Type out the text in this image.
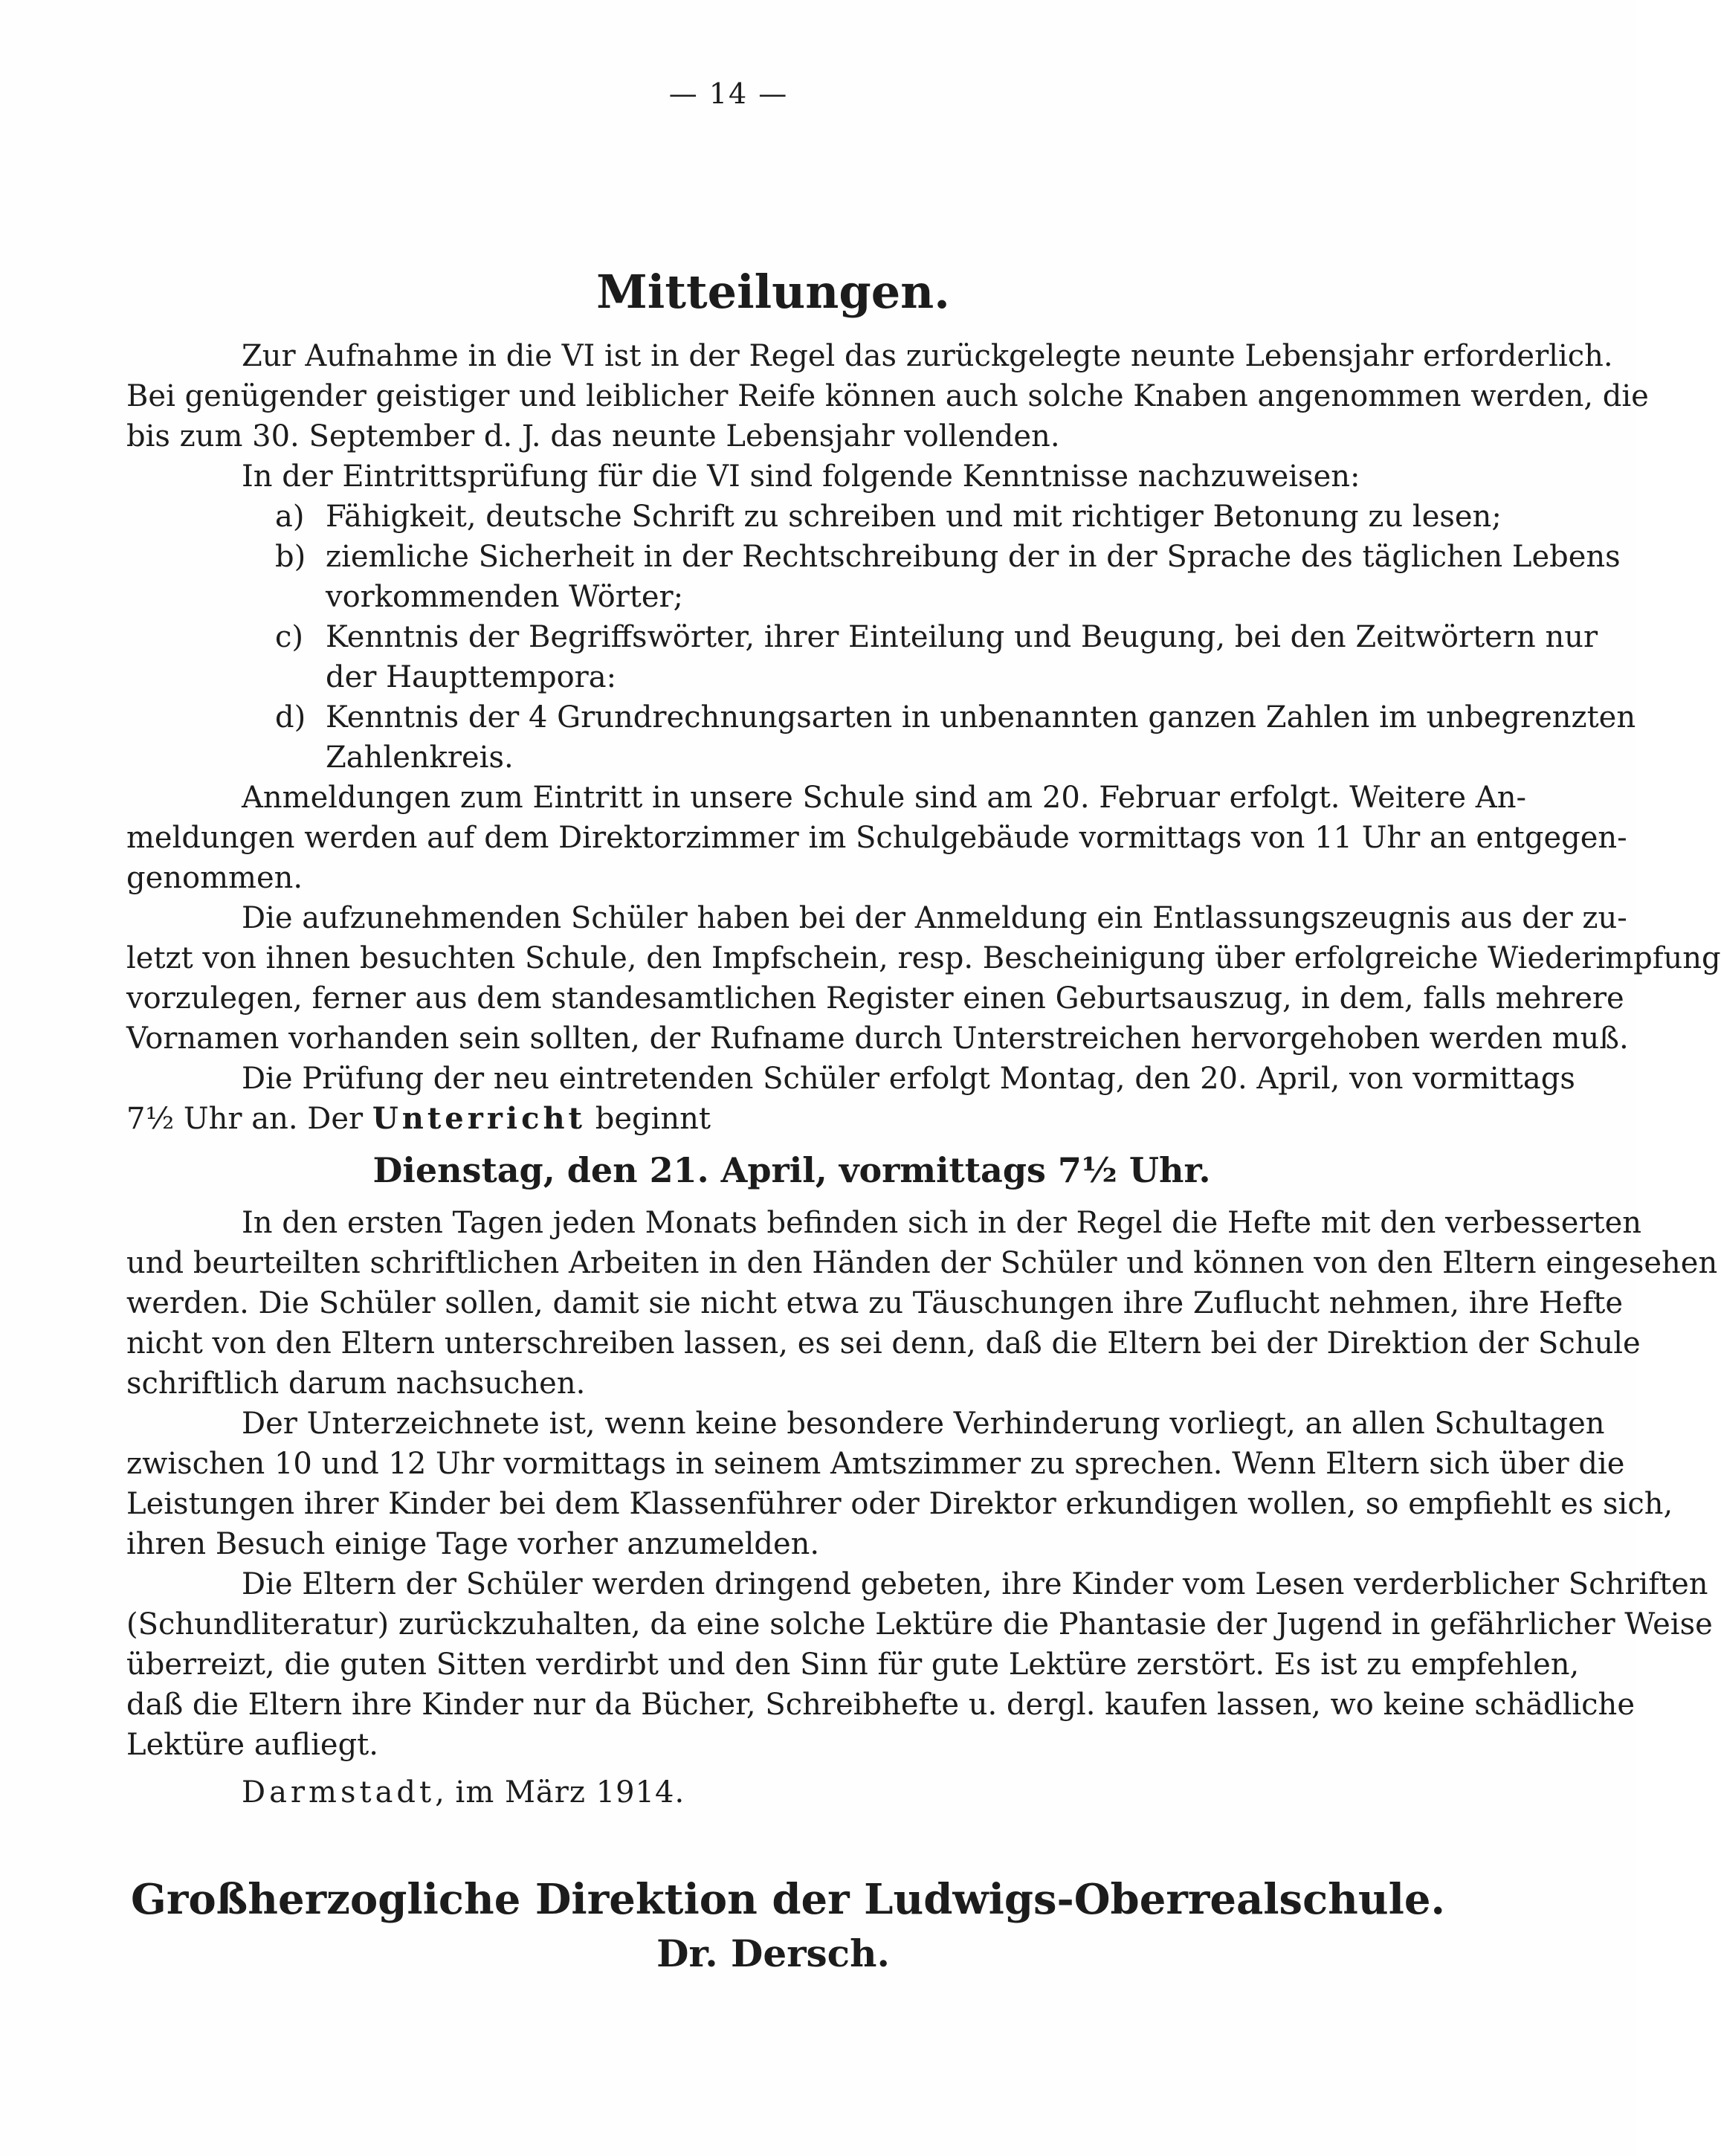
— 14 —
Mitteilungen.
Zur Aufnahme in die VI ist in der Regel das zurückgelegte neunte Lebensjahr erforderlich.
Bei genügender geistiger und leiblicher Reife können auch solche Knaben angenommen werden, die
bis zum 30. September d. J. das neunte Lebensjahr vollenden.
In der Eintrittsprüfung für die VI sind folgende Kenntnisse nachzuweisen:
a) Fähigkeit, deutsche Schrift zu schreiben und mit richtiger Betonung zu lesen;
b) ziemliche Sicherheit in der Rechtschreibung der in der Sprache des täglichen Lebens
vorkommenden Wörter;
c) Kenntnis der Begriffswörter, ihrer Einteilung und Beugung, bei den Zeitwörtern nur
der Haupttempora:
d) Kenntnis der 4 Grundrechnungsarten in unbenannten ganzen Zahlen im unbegrenzten
Zahlenkreis.
Anmeldungen zum Eintritt in unsere Schule sind am 20. Februar erfolgt. Weitere An-
meldungen werden auf dem Direktorzimmer im Schulgebäude vormittags von 11 Uhr an entgegen-
genommen.
Die aufzunehmenden Schüler haben bei der Anmeldung ein Entlassungszeugnis aus der zu-
letzt von ihnen besuchten Schule, den Impfschein, resp. Bescheinigung über erfolgreiche Wiederimpfung
vorzulegen, ferner aus dem standesamtlichen Register einen Geburtsauszug, in dem, falls mehrere
Vornamen vorhanden sein sollten, der Rufname durch Unterstreichen hervorgehoben werden muß.
Die Prüfung der neu eintretenden Schüler erfolgt Montag, den 20. April, von vormittags
7½ Uhr an. Der Unterricht beginnt
Dienstag, den 21. April, vormittags 7½ Uhr.
In den ersten Tagen jeden Monats befinden sich in der Regel die Hefte mit den verbesserten
und beurteilten schriftlichen Arbeiten in den Händen der Schüler und können von den Eltern eingesehen
werden. Die Schüler sollen, damit sie nicht etwa zu Täuschungen ihre Zuflucht nehmen, ihre Hefte
nicht von den Eltern unterschreiben lassen, es sei denn, daß die Eltern bei der Direktion der Schule
schriftlich darum nachsuchen.
Der Unterzeichnete ist, wenn keine besondere Verhinderung vorliegt, an allen Schultagen
zwischen 10 und 12 Uhr vormittags in seinem Amtszimmer zu sprechen. Wenn Eltern sich über die
Leistungen ihrer Kinder bei dem Klassenführer oder Direktor erkundigen wollen, so empfiehlt es sich,
ihren Besuch einige Tage vorher anzumelden.
Die Eltern der Schüler werden dringend gebeten, ihre Kinder vom Lesen verderblicher Schriften
(Schundliteratur) zurückzuhalten, da eine solche Lektüre die Phantasie der Jugend in gefährlicher Weise
überreizt, die guten Sitten verdirbt und den Sinn für gute Lektüre zerstört. Es ist zu empfehlen,
daß die Eltern ihre Kinder nur da Bücher, Schreibhefte u. dergl. kaufen lassen, wo keine schädliche
Lektüre aufliegt.
Darmstadt, im März 1914.
Großherzogliche Direktion der Ludwigs-Oberrealschule.
Dr. Dersch.
